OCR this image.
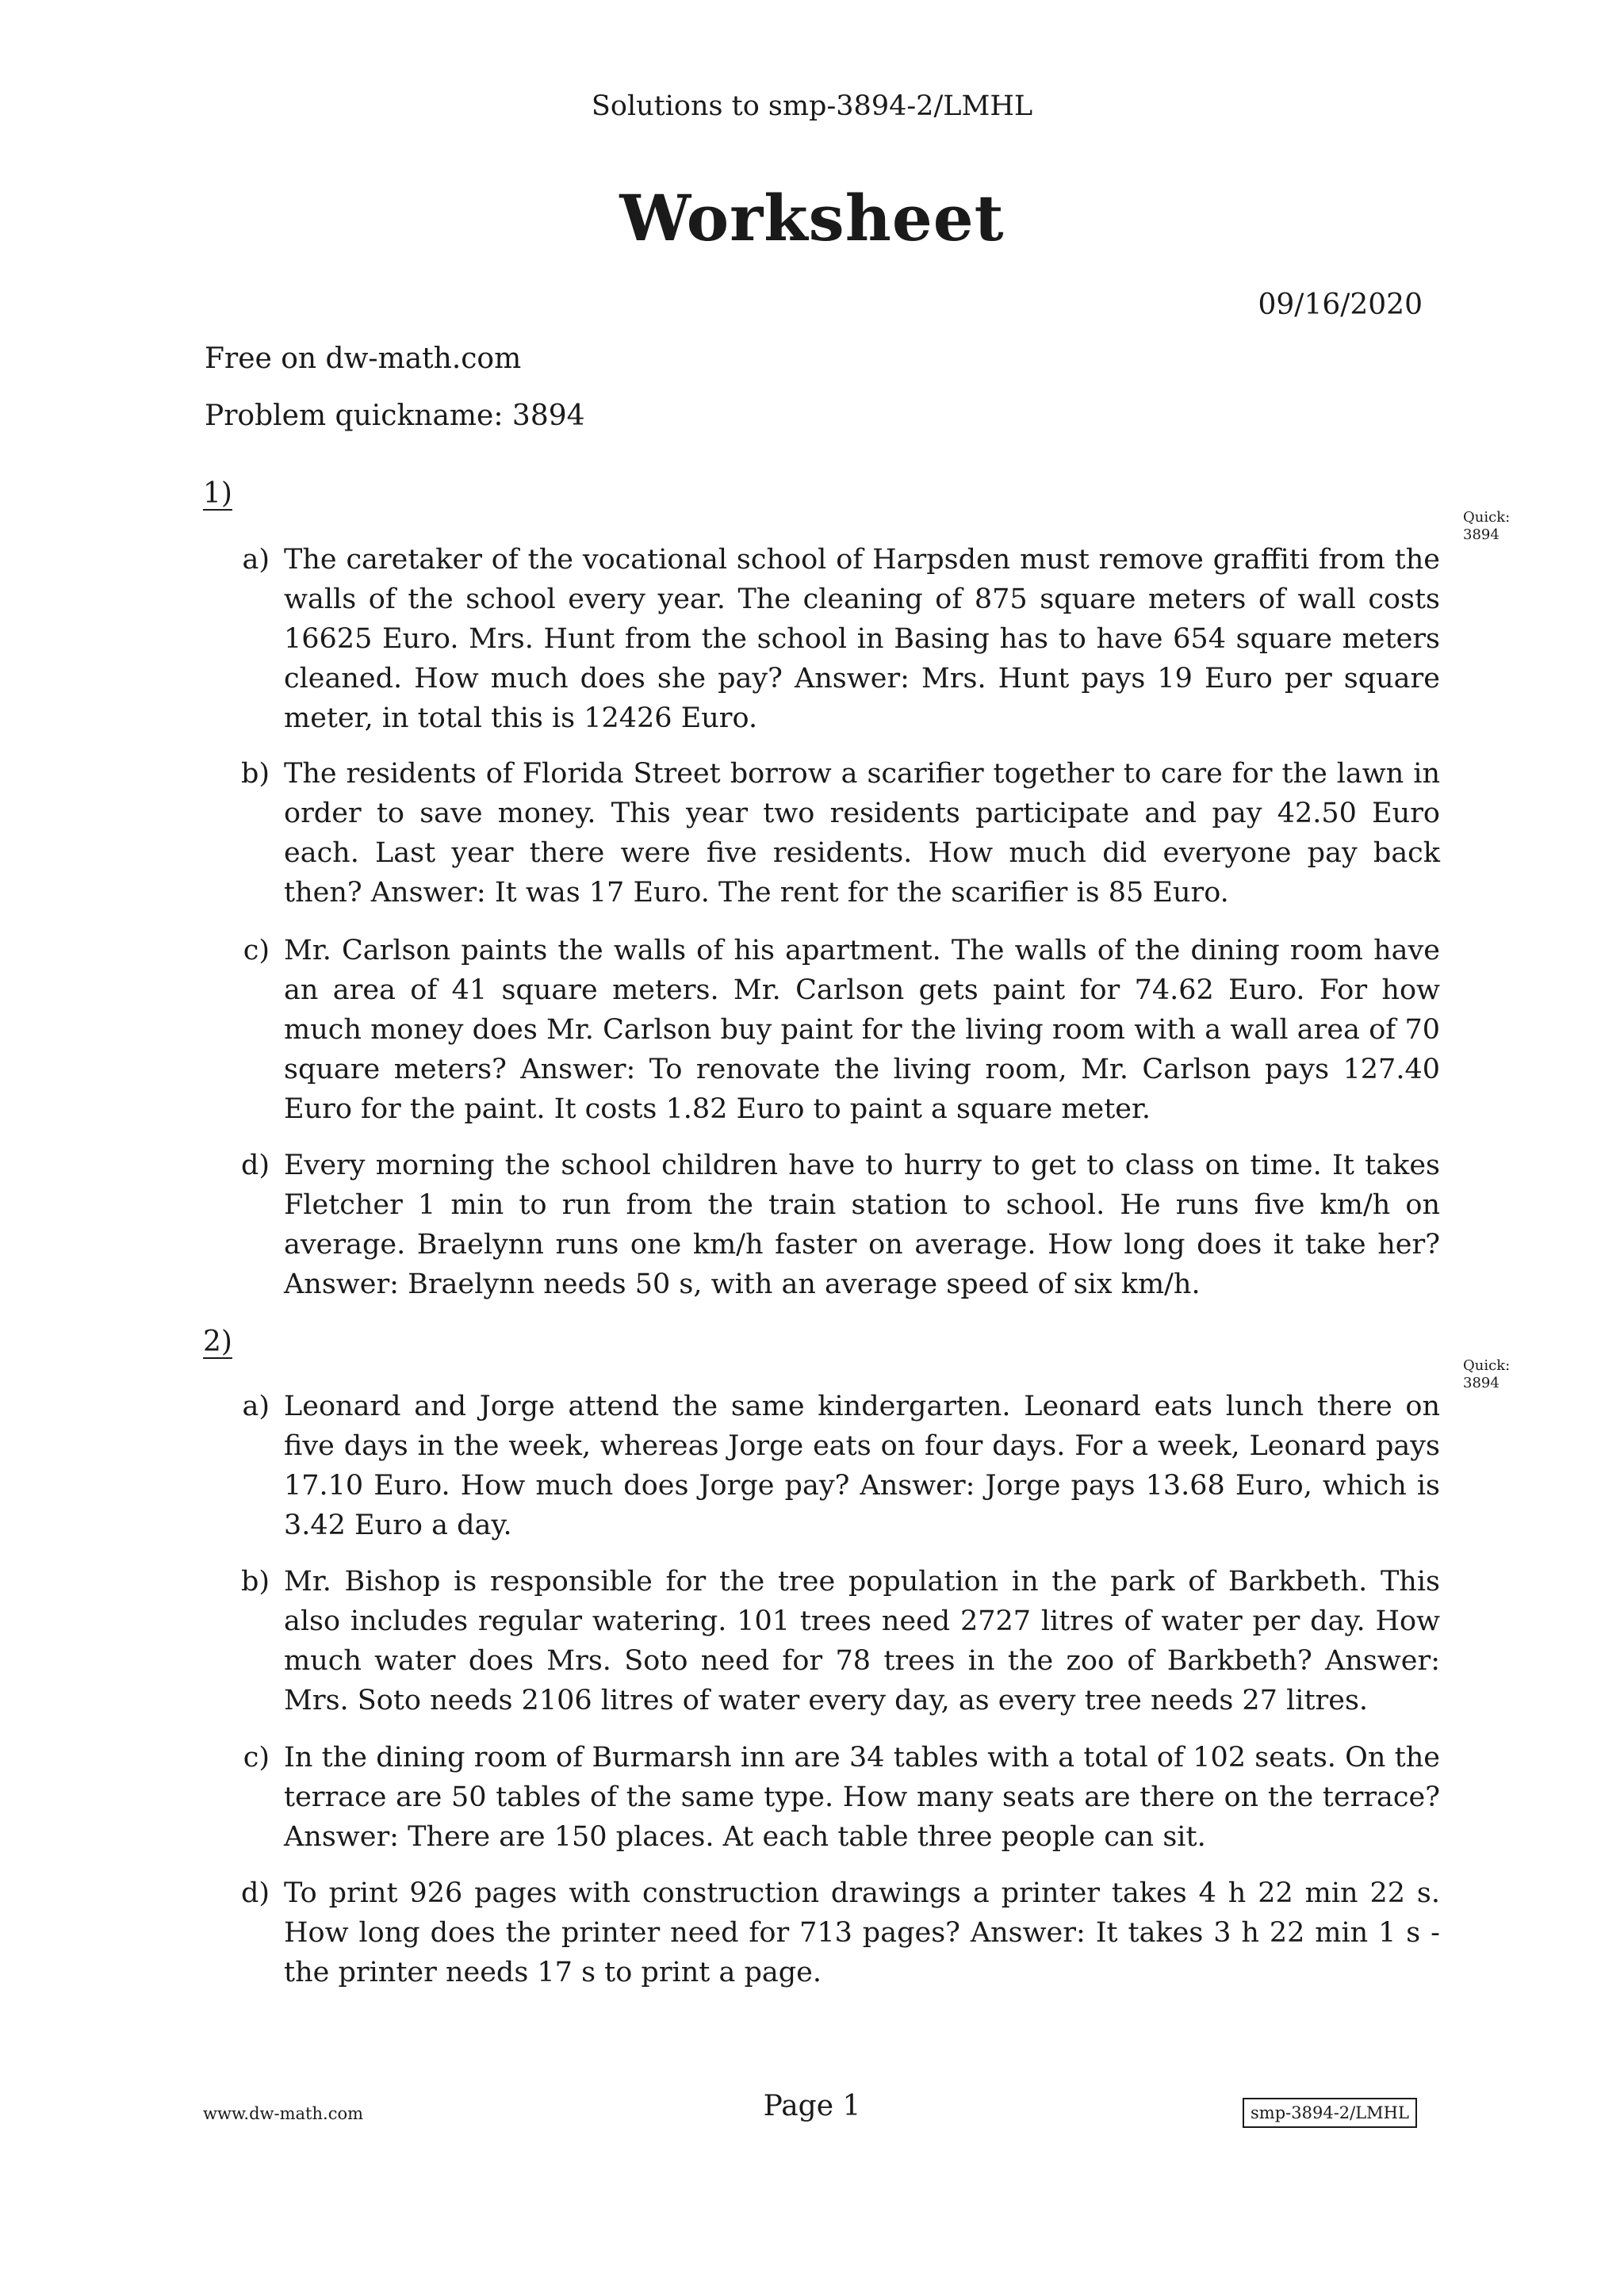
Solutions to smp-3894-2/LMHL
Worksheet
09/16/2020
Free on dw-math.com
Problem quickname: 3894
1)
Quick:
3894
a) The caretaker of the vocational school of Harpsden must remove graffiti from the walls of the school every year. The cleaning of 875 square meters of wall costs 16625 Euro. Mrs. Hunt from the school in Basing has to have 654 square meters cleaned. How much does she pay? Answer: Mrs. Hunt pays 19 Euro per square meter, in total this is 12426 Euro.
b) The residents of Florida Street borrow a scarifier together to care for the lawn in order to save money. This year two residents participate and pay 42.50 Euro each. Last year there were five residents. How much did everyone pay back then? Answer: It was 17 Euro. The rent for the scarifier is 85 Euro.
c) Mr. Carlson paints the walls of his apartment. The walls of the dining room have an area of 41 square meters. Mr. Carlson gets paint for 74.62 Euro. For how much money does Mr. Carlson buy paint for the living room with a wall area of 70 square meters? Answer: To renovate the living room, Mr. Carlson pays 127.40 Euro for the paint. It costs 1.82 Euro to paint a square meter.
d) Every morning the school children have to hurry to get to class on time. It takes Fletcher 1 min to run from the train station to school. He runs five km/h on average. Braelynn runs one km/h faster on average. How long does it take her? Answer: Braelynn needs 50 s, with an average speed of six km/h.
2)
Quick:
3894
a) Leonard and Jorge attend the same kindergarten. Leonard eats lunch there on five days in the week, whereas Jorge eats on four days. For a week, Leonard pays 17.10 Euro. How much does Jorge pay? Answer: Jorge pays 13.68 Euro, which is 3.42 Euro a day.
b) Mr. Bishop is responsible for the tree population in the park of Barkbeth. This also includes regular watering. 101 trees need 2727 litres of water per day. How much water does Mrs. Soto need for 78 trees in the zoo of Barkbeth? Answer: Mrs. Soto needs 2106 litres of water every day, as every tree needs 27 litres.
c) In the dining room of Burmarsh inn are 34 tables with a total of 102 seats. On the terrace are 50 tables of the same type. How many seats are there on the terrace? Answer: There are 150 places. At each table three people can sit.
d) To print 926 pages with construction drawings a printer takes 4 h 22 min 22 s. How long does the printer need for 713 pages? Answer: It takes 3 h 22 min 1 s - the printer needs 17 s to print a page.
www.dw-math.com	Page 1	smp-3894-2/LMHL
